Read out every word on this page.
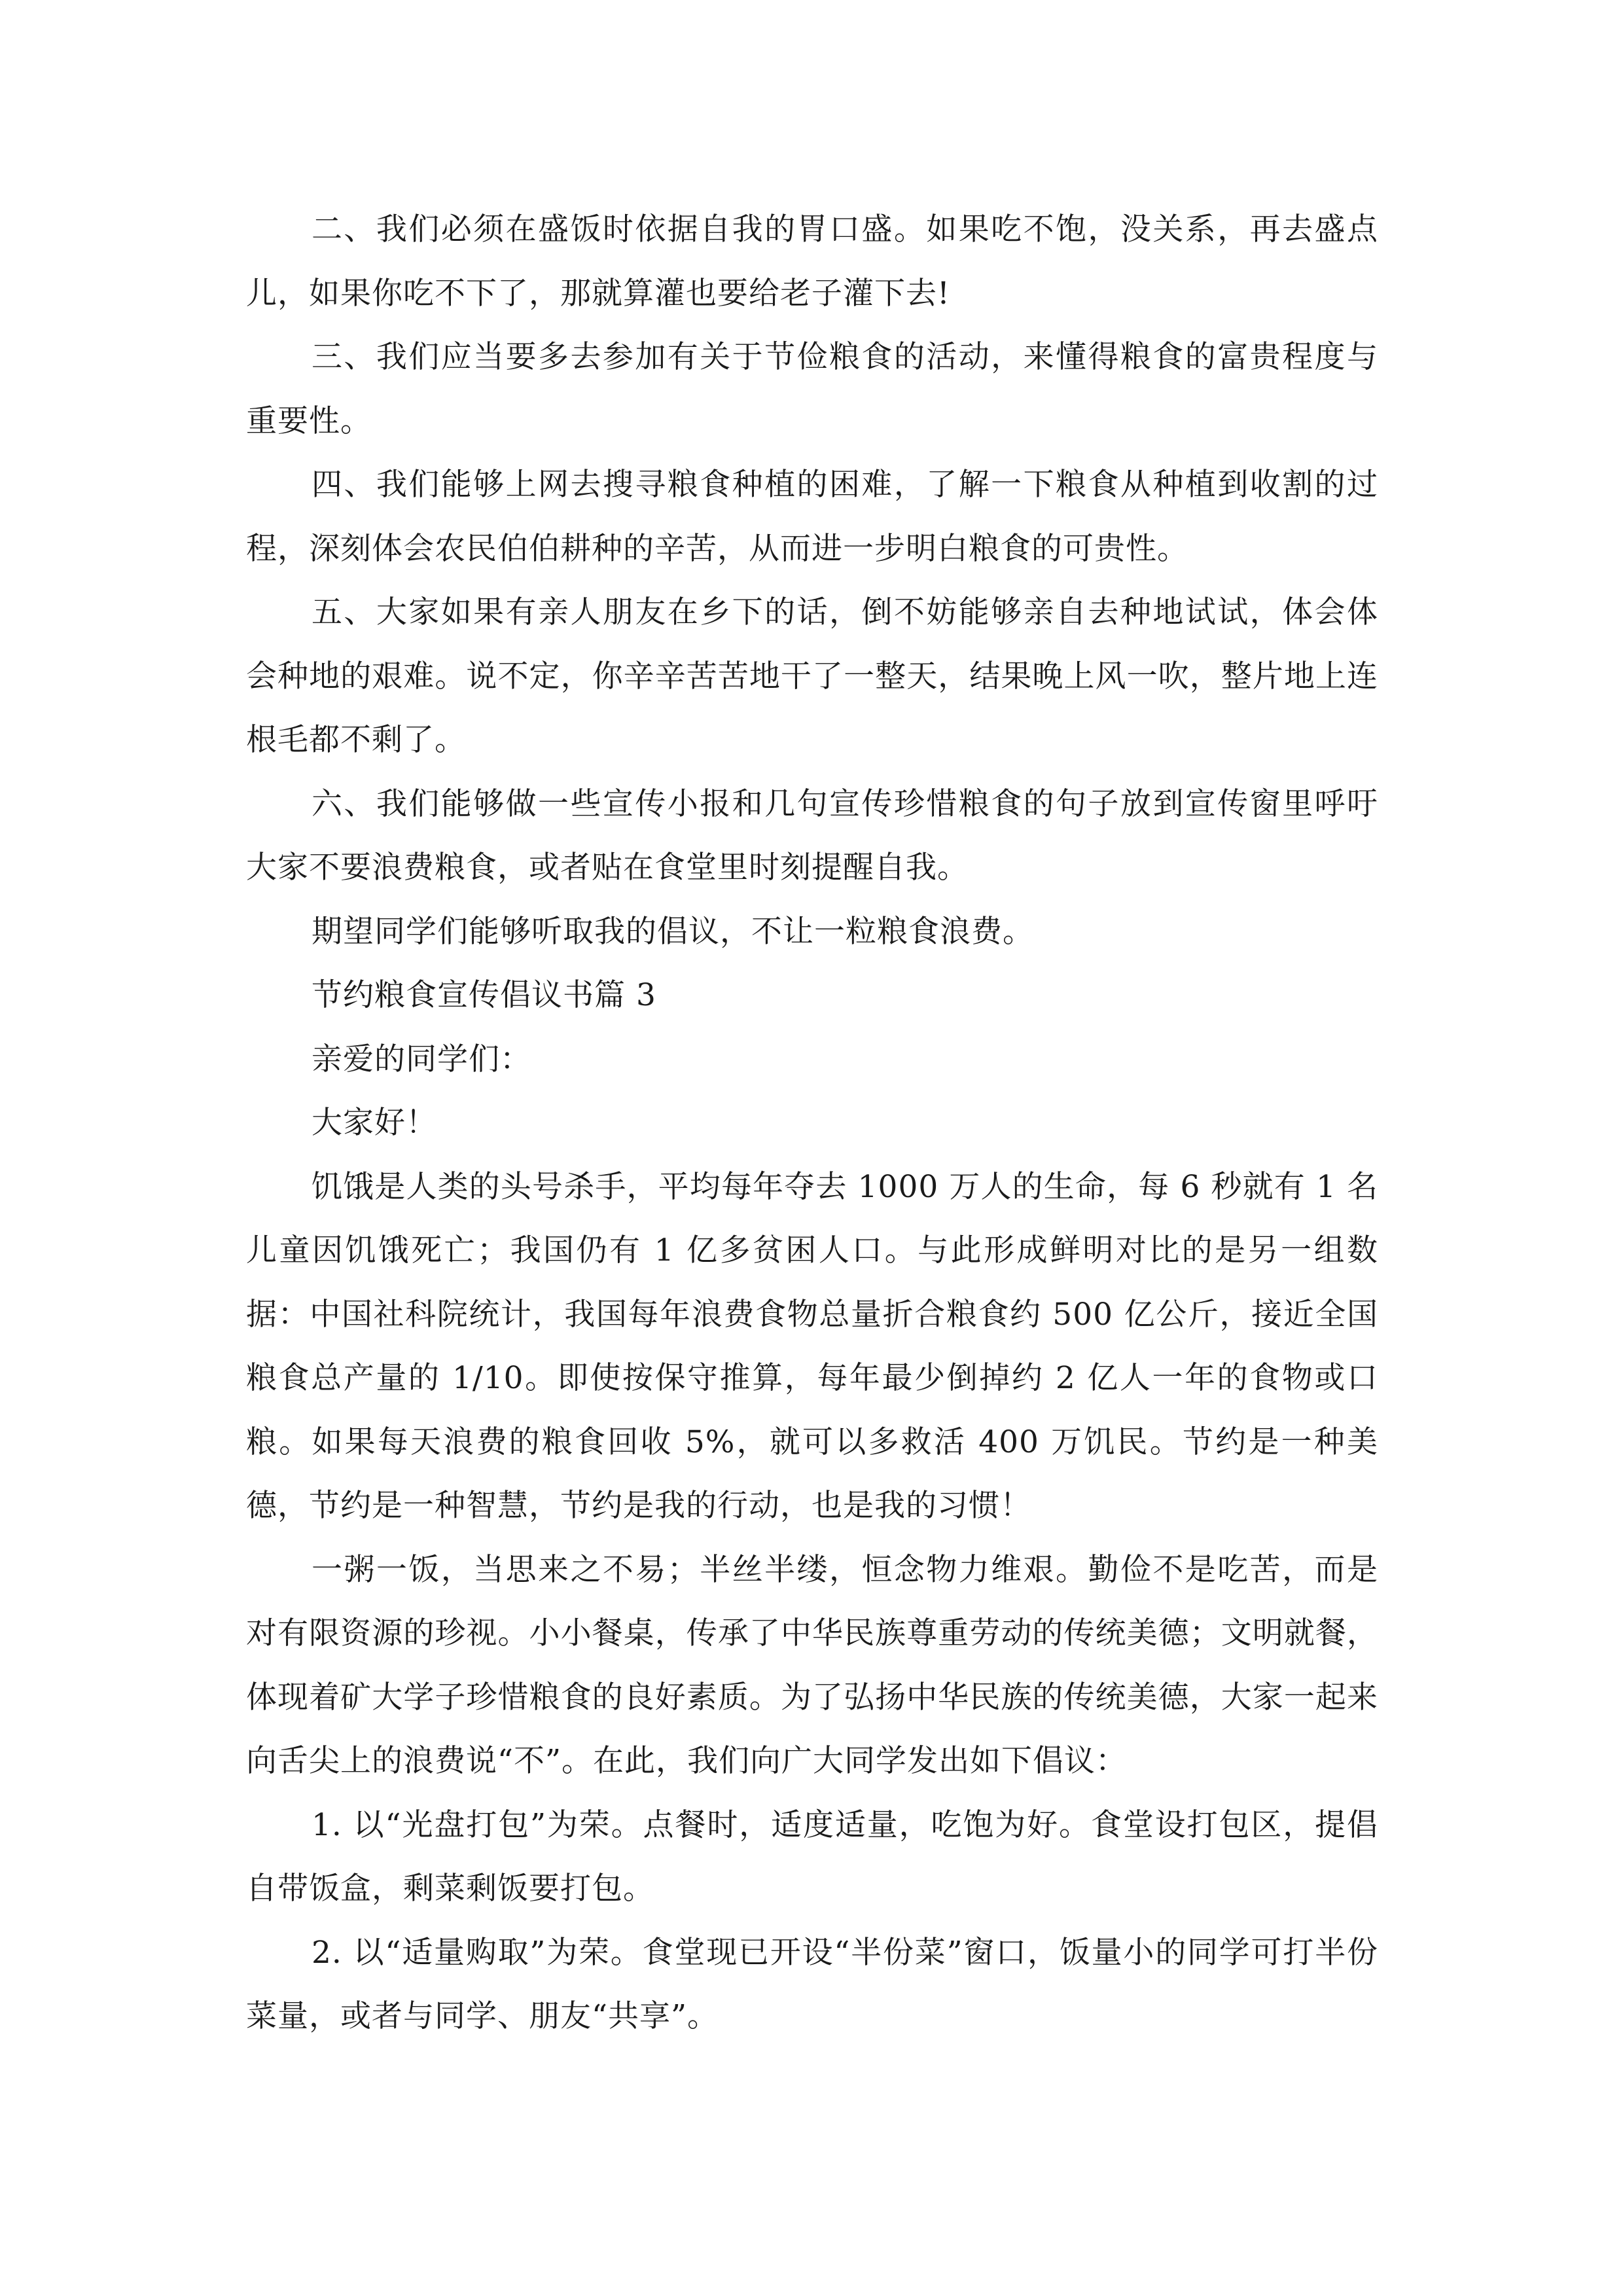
二、我们必须在盛饭时依据自我的胃口盛。如果吃不饱，没关系，再去盛点儿，如果你吃不下了，那就算灌也要给老子灌下去!

三、我们应当要多去参加有关于节俭粮食的活动，来懂得粮食的富贵程度与重要性。

四、我们能够上网去搜寻粮食种植的困难，了解一下粮食从种植到收割的过程，深刻体会农民伯伯耕种的辛苦，从而进一步明白粮食的可贵性。

五、大家如果有亲人朋友在乡下的话，倒不妨能够亲自去种地试试，体会体会种地的艰难。说不定，你辛辛苦苦地干了一整天，结果晚上风一吹，整片地上连根毛都不剩了。

六、我们能够做一些宣传小报和几句宣传珍惜粮食的句子放到宣传窗里呼吁大家不要浪费粮食，或者贴在食堂里时刻提醒自我。

期望同学们能够听取我的倡议，不让一粒粮食浪费。

节约粮食宣传倡议书篇 3

亲爱的同学们：

大家好！

饥饿是人类的头号杀手，平均每年夺去 1000 万人的生命，每 6 秒就有 1 名儿童因饥饿死亡；我国仍有 1 亿多贫困人口。与此形成鲜明对比的是另一组数据：中国社科院统计，我国每年浪费食物总量折合粮食约 500 亿公斤，接近全国粮食总产量的 1/10。即使按保守推算，每年最少倒掉约 2 亿人一年的食物或口粮。如果每天浪费的粮食回收 5%，就可以多救活 400 万饥民。节约是一种美德，节约是一种智慧，节约是我的行动，也是我的习惯！

一粥一饭，当思来之不易；半丝半缕，恒念物力维艰。勤俭不是吃苦，而是对有限资源的珍视。小小餐桌，传承了中华民族尊重劳动的传统美德；文明就餐，体现着矿大学子珍惜粮食的良好素质。为了弘扬中华民族的传统美德，大家一起来向舌尖上的浪费说“不”。在此，我们向广大同学发出如下倡议：

1. 以“光盘打包”为荣。点餐时，适度适量，吃饱为好。食堂设打包区，提倡自带饭盒，剩菜剩饭要打包。

2. 以“适量购取”为荣。食堂现已开设“半份菜”窗口，饭量小的同学可打半份菜量，或者与同学、朋友“共享”。
